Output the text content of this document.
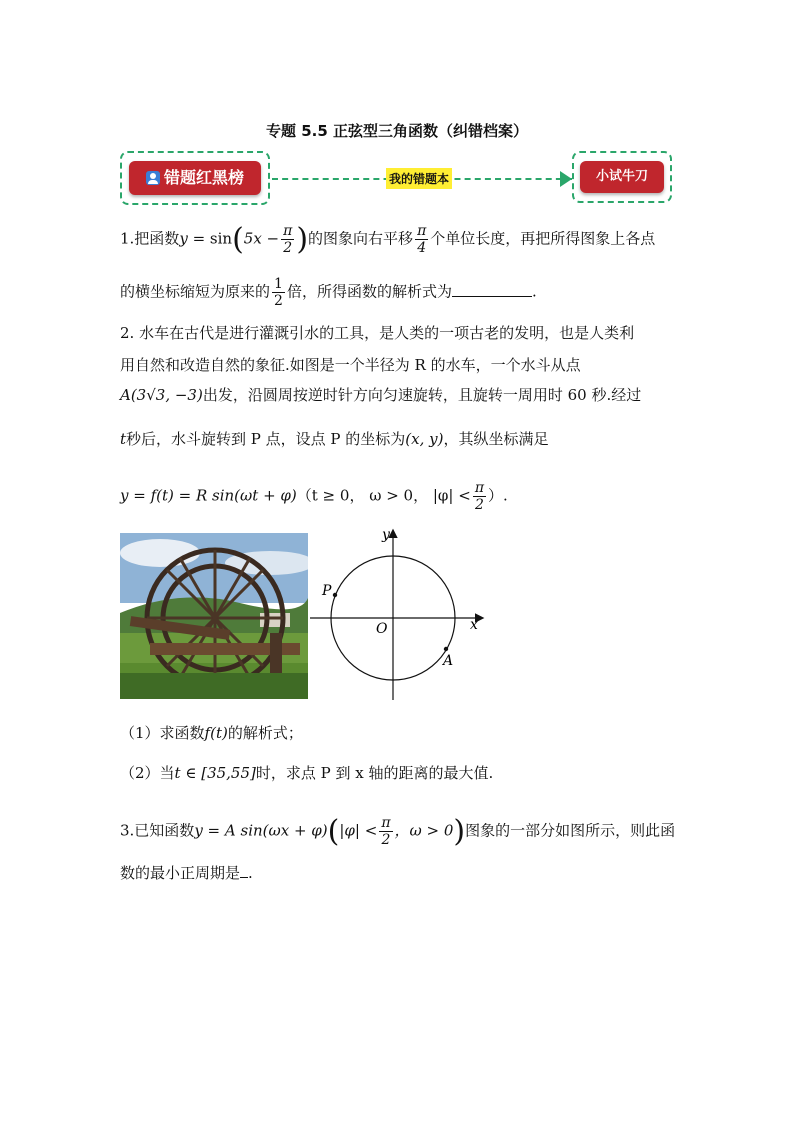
专题 5.5 正弦型三角函数（纠错档案）
错题红黑榜	我的错题本	小试牛刀
1.把函数$y = \sin(5x - \frac{\pi}{2}$ )的图象向右平移 $\frac{\pi}{4}$ 个单位长度，再把所得图象上各点
的横坐标缩短为原来的 $\frac{1}{2}$ 倍，所得函数的解析式为	.
2. 水车在古代是进行灌溉引水的工具，是人类的一项古老的发明，也是人类利
用自然和改造自然的象征.如图是一个半径为 R 的水车，一个水斗从点
A(3√3, −3)出发，沿圆周按逆时针方向匀速旋转，且旋转一周用时 60 秒.经过
t秒后，水斗旋转到 P 点，设点 P 的坐标为(x, y)，其纵坐标满足
y = f(t) = R sin(ωt + φ)（t ≥ 0， ω > 0， $|\varphi| < \frac{\pi}{2}$ ）.
y
x
O
P
A
（1）求函数f(t)的解析式；
（2）当t ∈ [35,55]时，求点 P 到 x 轴的距离的最大值.
3.已知函数y = A $\sin(\omega x + \varphi)(|\varphi| < \frac{\pi}{2}$ ，ω > 0)图象的一部分如图所示，则此函
数的最小正周期是 .
